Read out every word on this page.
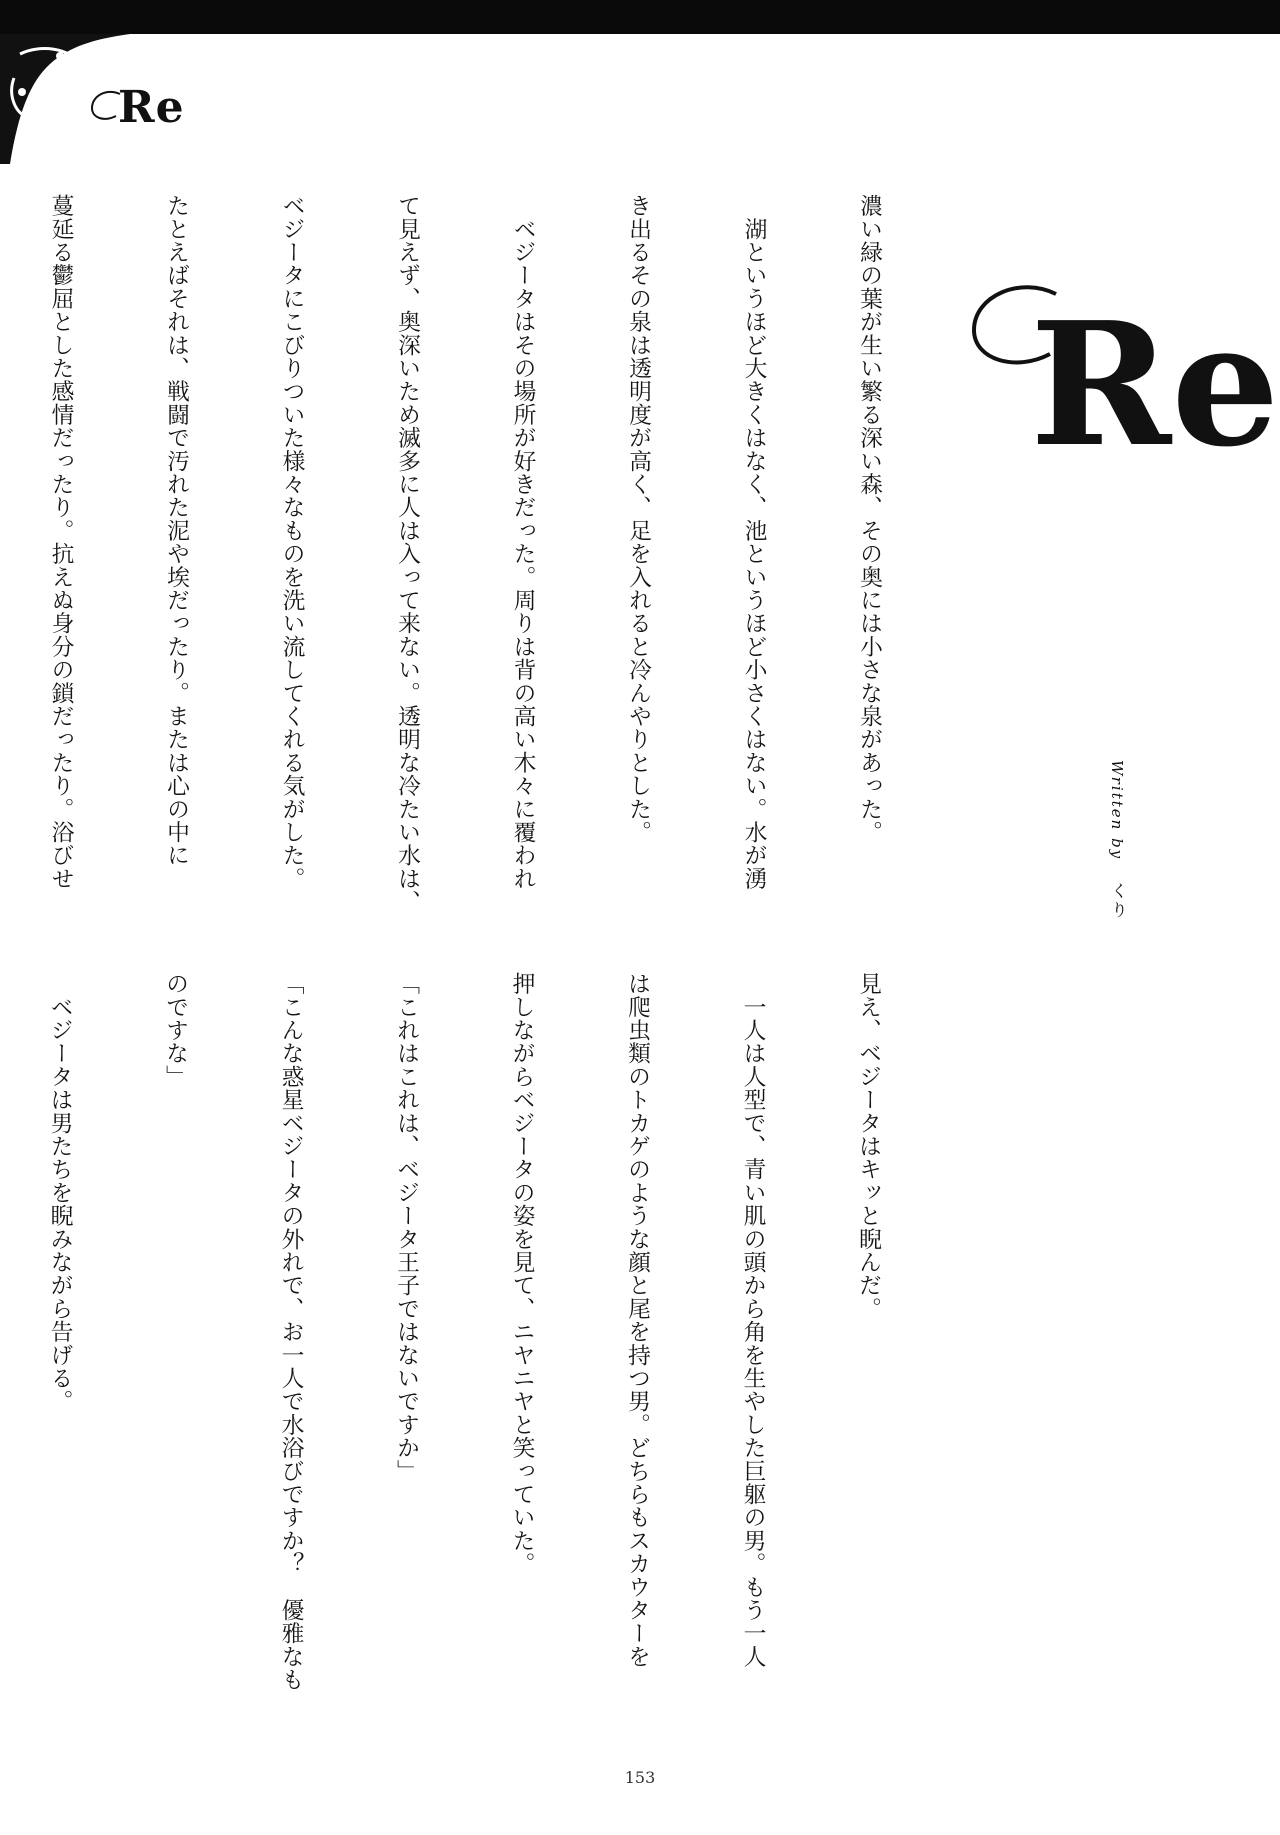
Re
Re
Written by くり

濃い緑の葉が生い繁る深い森、その奥には小さな泉があった。

　湖というほど大きくはなく、池というほど小さくはない。水が湧

き出るその泉は透明度が高く、足を入れると冷んやりとした。

　ベジータはその場所が好きだった。周りは背の高い木々に覆われ

て見えず、奥深いため滅多に人は入って来ない。透明な冷たい水は、

ベジータにこびりついた様々なものを洗い流してくれる気がした。

たとえばそれは、戦闘で汚れた泥や埃だったり。または心の中に

蔓延る鬱屈とした感情だったり。抗えぬ身分の鎖だったり。浴びせ

見え、ベジータはキッと睨んだ。

　一人は人型で、青い肌の頭から角を生やした巨躯の男。もう一人

は爬虫類のトカゲのような顔と尾を持つ男。どちらもスカウターを

押しながらベジータの姿を見て、ニヤニヤと笑っていた。

「これはこれは、ベジータ王子ではないですか」

「こんな惑星ベジータの外れで、お一人で水浴びですか？　優雅なも

のですな」

　ベジータは男たちを睨みながら告げる。

153
